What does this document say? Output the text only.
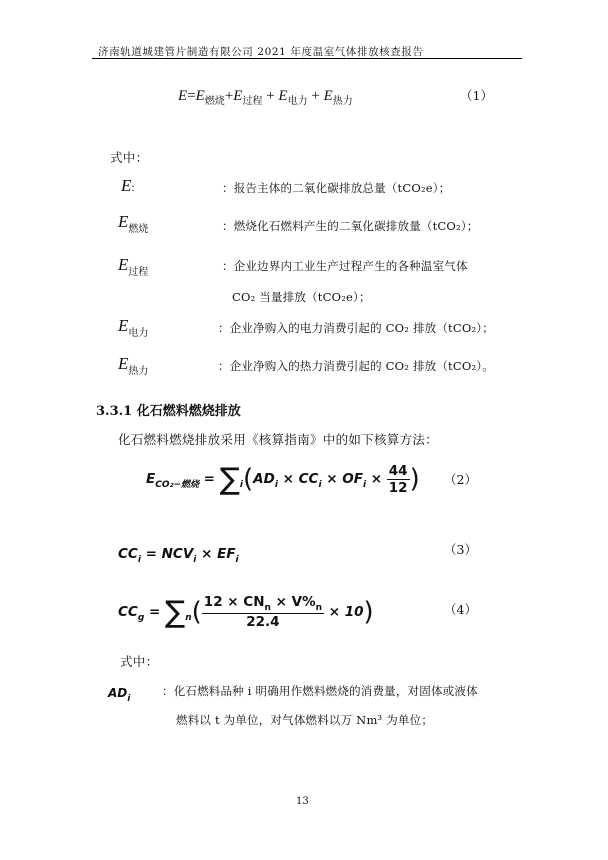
济南轨道城建管片制造有限公司 2021 年度温室气体排放核查报告
$E=E_{燃烧}+E_{过程} + E_{电力} + E_{热力}$	（1）
式中：
E:	：报告主体的二氧化碳排放总量（tCO₂e）；
$E_{燃烧}$	：燃烧化石燃料产生的二氧化碳排放量（tCO₂）；
$E_{过程}$	：企业边界内工业生产过程产生的各种温室气体
CO₂ 当量排放（tCO₂e）；
$E_{电力}$	：企业净购入的电力消费引起的 CO₂ 排放（tCO₂）；
$E_{热力}$	：企业净购入的热力消费引起的 CO₂ 排放（tCO₂）。
3.3.1 化石燃料燃烧排放
化石燃料燃烧排放采用《核算指南》中的如下核算方法：
$E_{CO_2-燃烧} = \sum_i(AD_i \times CC_i \times OF_i \times \frac{44}{12}$ ) （2）
$CC_i = NCV_i \times EF_i$
（3）
$CC_g = \sum_n( \frac{12 \times CN_n \times V\%_n}{22.4} \times 10)$	（4）
式中：
$AD_i$
：化石燃料品种 i 明确用作燃料燃烧的消费量，对固体或液体
燃料以 t 为单位，对气体燃料以万 Nm³ 为单位；
13
